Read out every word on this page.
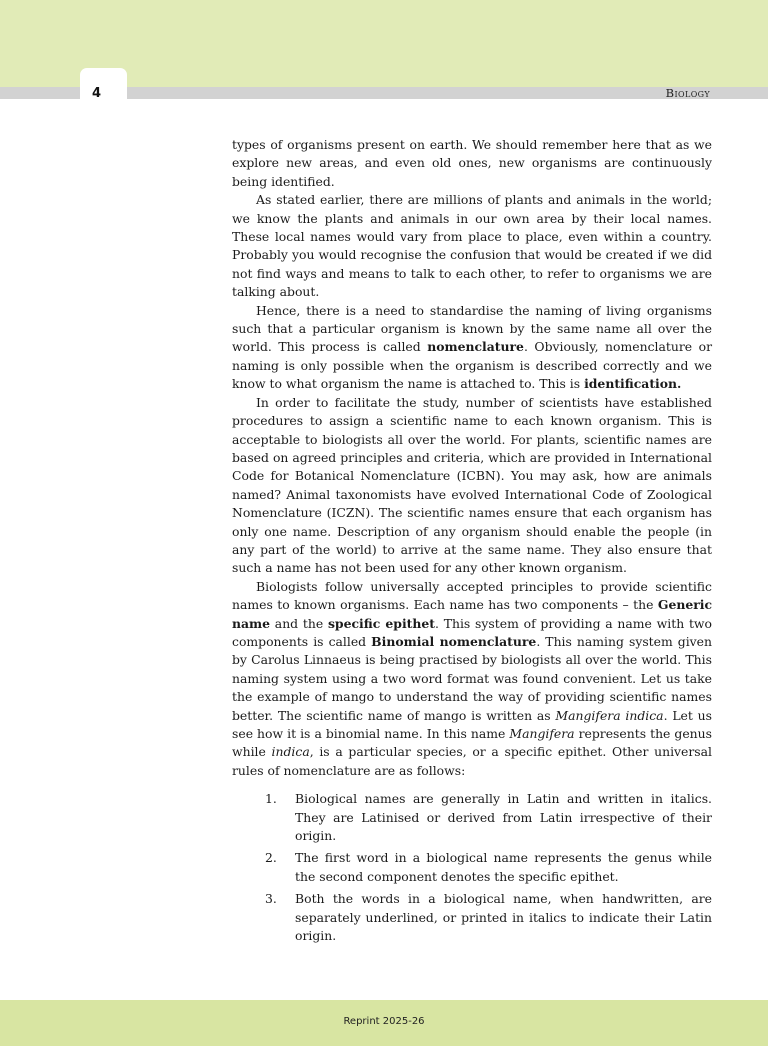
4	Biology

types of organisms present on earth. We should remember here that as we explore new areas, and even old ones, new organisms are continuously being identified.

As stated earlier, there are millions of plants and animals in the world; we know the plants and animals in our own area by their local names. These local names would vary from place to place, even within a country. Probably you would recognise the confusion that would be created if we did not find ways and means to talk to each other, to refer to organisms we are talking about.

Hence, there is a need to standardise the naming of living organisms such that a particular organism is known by the same name all over the world. This process is called nomenclature. Obviously, nomenclature or naming is only possible when the organism is described correctly and we know to what organism the name is attached to. This is identification.

In order to facilitate the study, number of scientists have established procedures to assign a scientific name to each known organism. This is acceptable to biologists all over the world. For plants, scientific names are based on agreed principles and criteria, which are provided in International Code for Botanical Nomenclature (ICBN). You may ask, how are animals named? Animal taxonomists have evolved International Code of Zoological Nomenclature (ICZN). The scientific names ensure that each organism has only one name. Description of any organism should enable the people (in any part of the world) to arrive at the same name. They also ensure that such a name has not been used for any other known organism.

Biologists follow universally accepted principles to provide scientific names to known organisms. Each name has two components – the Generic name and the specific epithet. This system of providing a name with two components is called Binomial nomenclature. This naming system given by Carolus Linnaeus is being practised by biologists all over the world. This naming system using a two word format was found convenient. Let us take the example of mango to understand the way of providing scientific names better. The scientific name of mango is written as Mangifera indica. Let us see how it is a binomial name. In this name Mangifera represents the genus while indica, is a particular species, or a specific epithet. Other universal rules of nomenclature are as follows:

1.	Biological names are generally in Latin and written in italics. They are Latinised or derived from Latin irrespective of their origin.
2.	The first word in a biological name represents the genus while the second component denotes the specific epithet.
3.	Both the words in a biological name, when handwritten, are separately underlined, or printed in italics to indicate their Latin origin.
Reprint 2025-26
